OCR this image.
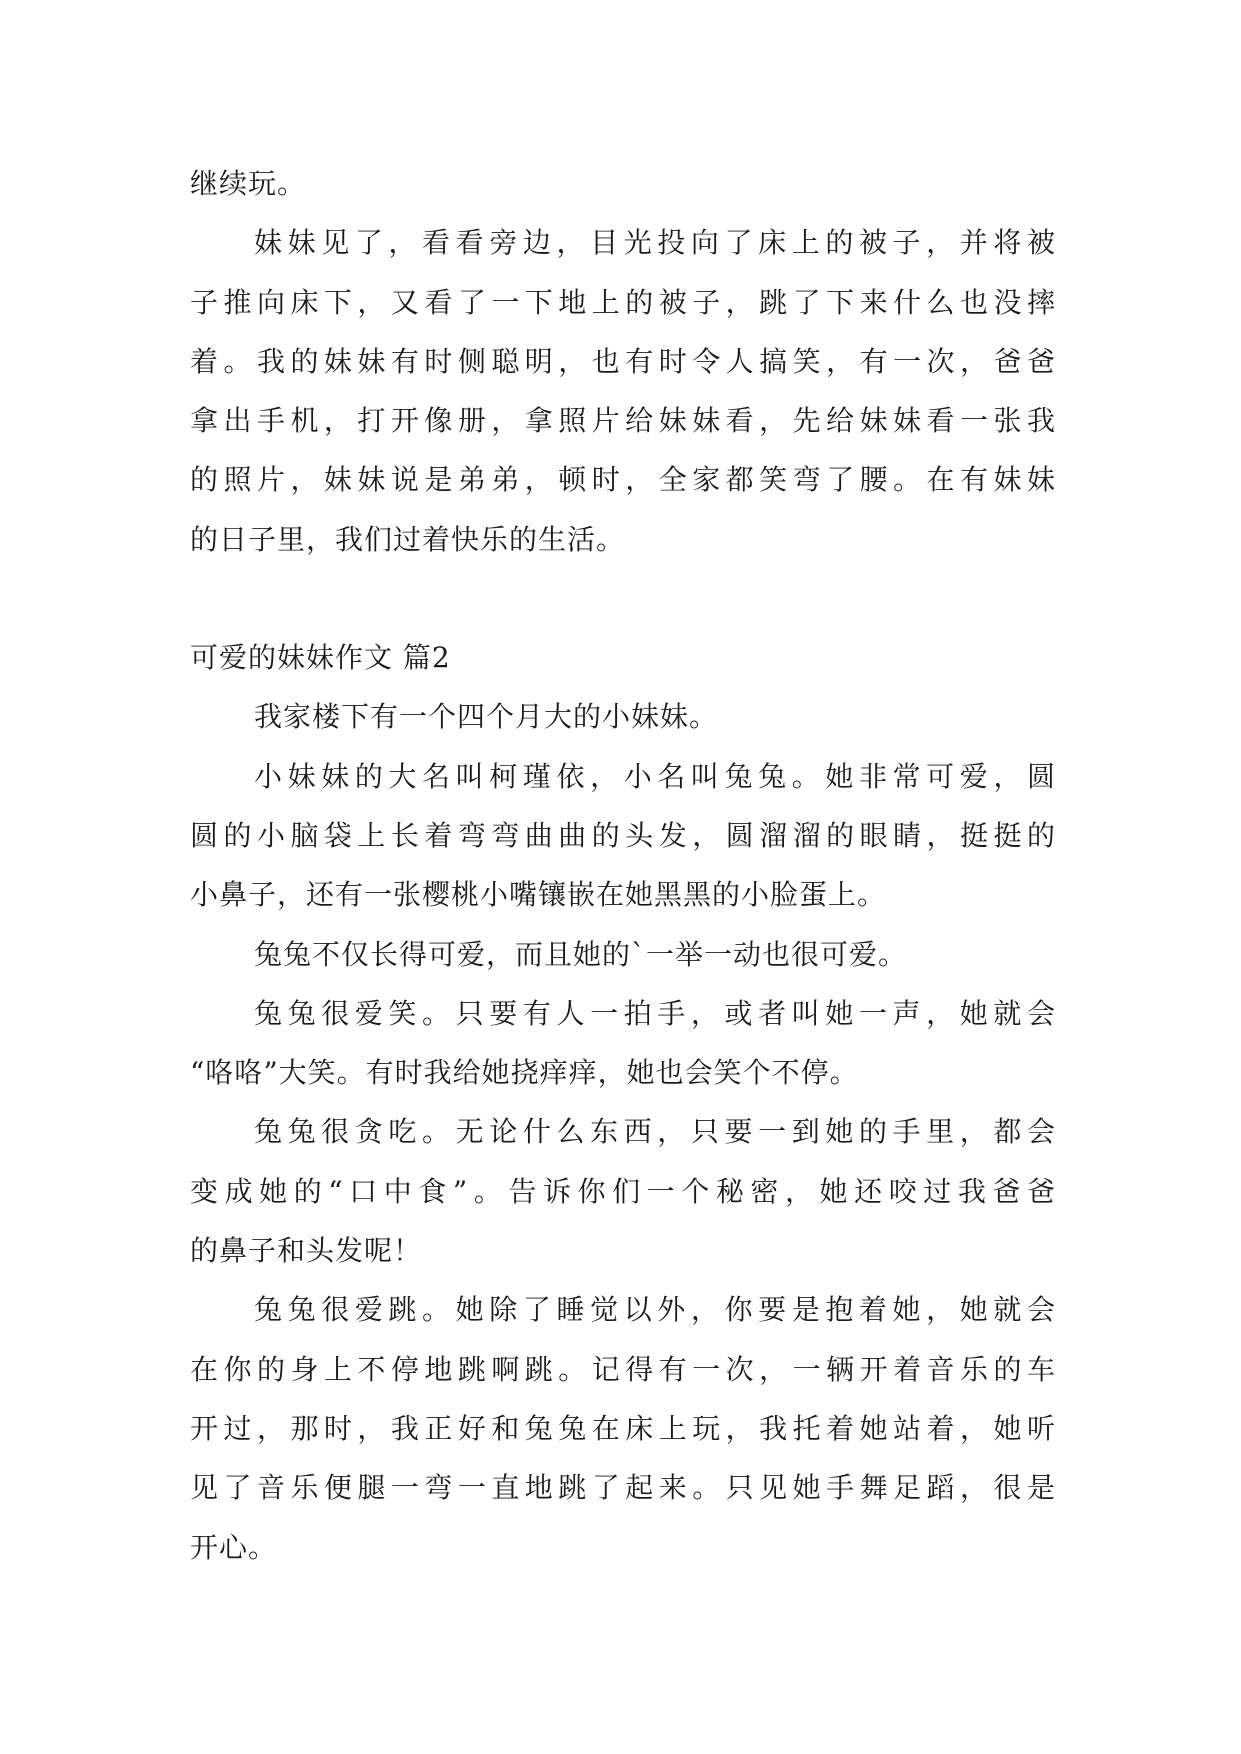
继续玩。
妹妹见了，看看旁边，目光投向了床上的被子，并将被
子推向床下，又看了一下地上的被子，跳了下来什么也没摔
着。我的妹妹有时侧聪明，也有时令人搞笑，有一次，爸爸
拿出手机，打开像册，拿照片给妹妹看，先给妹妹看一张我
的照片，妹妹说是弟弟，顿时，全家都笑弯了腰。在有妹妹
的日子里，我们过着快乐的生活。
可爱的妹妹作文 篇2
我家楼下有一个四个月大的小妹妹。
小妹妹的大名叫柯瑾依，小名叫兔兔。她非常可爱，圆
圆的小脑袋上长着弯弯曲曲的头发，圆溜溜的眼睛，挺挺的
小鼻子，还有一张樱桃小嘴镶嵌在她黑黑的小脸蛋上。
兔兔不仅长得可爱，而且她的`一举一动也很可爱。
兔兔很爱笑。只要有人一拍手，或者叫她一声，她就会
“咯咯”大笑。有时我给她挠痒痒，她也会笑个不停。
兔兔很贪吃。无论什么东西，只要一到她的手里，都会
变成她的“口中食”。告诉你们一个秘密，她还咬过我爸爸
的鼻子和头发呢！
兔兔很爱跳。她除了睡觉以外，你要是抱着她，她就会
在你的身上不停地跳啊跳。记得有一次，一辆开着音乐的车
开过，那时，我正好和兔兔在床上玩，我托着她站着，她听
见了音乐便腿一弯一直地跳了起来。只见她手舞足蹈，很是
开心。
